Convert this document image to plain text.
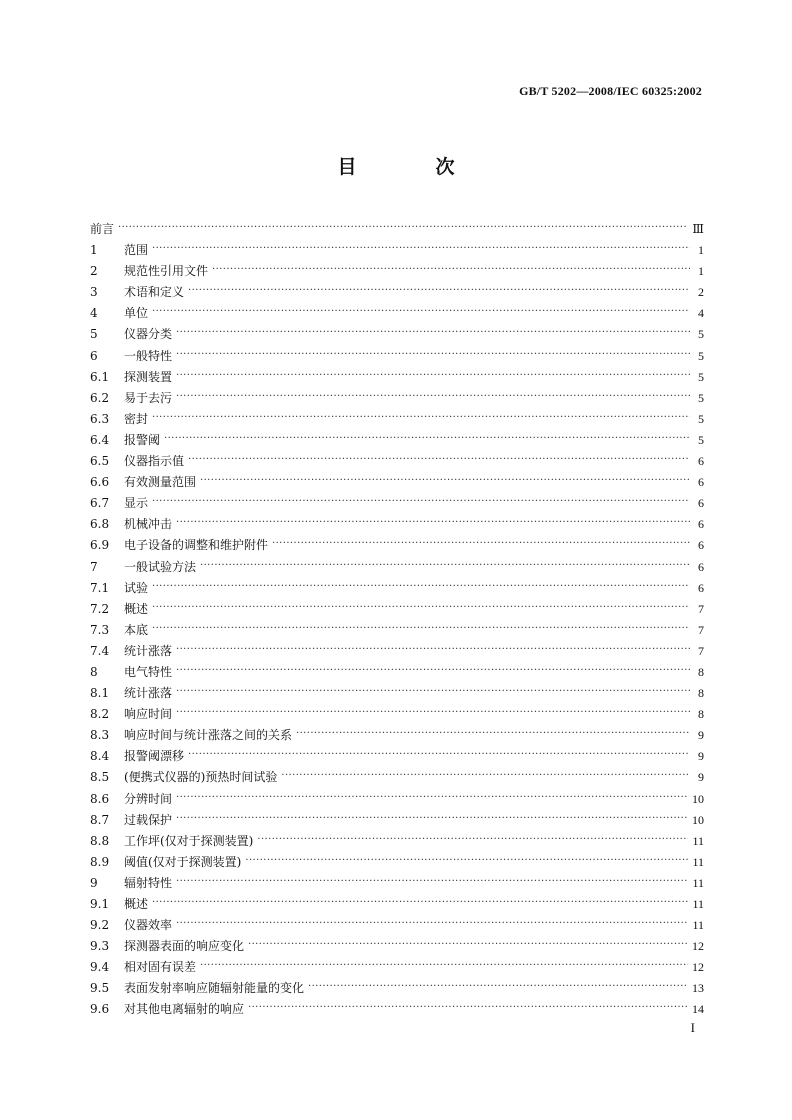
GB/T 5202—2008/IEC 60325:2002
目　次
前言 ·····	Ⅲ
1	范围 ·····	1
2	规范性引用文件 ·····	1
3	术语和定义 ·····	2
4	单位 ·····	4
5	仪器分类 ·····	5
6	一般特性 ·····	5
6.1	探测装置 ·····	5
6.2	易于去污 ·····	5
6.3	密封 ·····	5
6.4	报警阈 ·····	5
6.5	仪器指示值 ·····	6
6.6	有效测量范围 ·····	6
6.7	显示 ·····	6
6.8	机械冲击 ·····	6
6.9	电子设备的调整和维护附件 ·····	6
7	一般试验方法 ·····	6
7.1	试验 ·····	6
7.2	概述 ·····	7
7.3	本底 ·····	7
7.4	统计涨落 ·····	7
8	电气特性 ·····	8
8.1	统计涨落 ·····	8
8.2	响应时间 ·····	8
8.3	响应时间与统计涨落之间的关系 ·····	9
8.4	报警阈漂移 ·····	9
8.5	(便携式仪器的)预热时间试验 ·····	9
8.6	分辨时间 ·····	10
8.7	过载保护 ·····	10
8.8	工作坪(仅对于探测装置) ·····	11
8.9	阈值(仅对于探测装置) ·····	11
9	辐射特性 ·····	11
9.1	概述 ·····	11
9.2	仪器效率 ·····	11
9.3	探测器表面的响应变化 ·····	12
9.4	相对固有误差 ·····	12
9.5	表面发射率响应随辐射能量的变化 ·····	13
9.6	对其他电离辐射的响应 ·····	14
I
